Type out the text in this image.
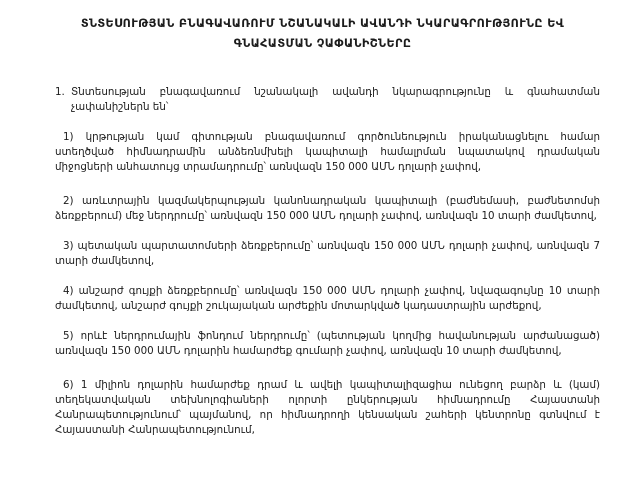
ՏՆՏԵՍՈՒԹՅԱՆ ԲՆԱԳԱՎԱՌՈՒՄ ՆՇԱՆԱԿԱԼԻ ԱՎԱՆԴԻ ՆԿԱՐԱԳՐՈՒԹՅՈՒՆԸ ԵՎ ԳՆԱՀԱՏՄԱՆ ՉԱՓԱՆԻՇՆԵՐԸ
1. Տնտեսության բնագավառում նշանակալի ավանդի նկարագրությունը և գնահատման չափանիշներն են՝

1) կրթության կամ գիտության բնագավառում գործունեություն իրականացնելու համար ստեղծված հիմնադրամին անձեռնմխելի կապիտալի համալրման նպատակով դրամական միջոցների անհատույց տրամադրումը՝ առնվազն 150 000 ԱՄՆ դոլարի չափով,

2) առևտրային կազմակերպության կանոնադրական կապիտալի (բաժնեմասի, բաժնետոմսի ձեռքբերում) մեջ ներդրումը՝ առնվազն 150 000 ԱՄՆ դոլարի չափով, առնվազն 10 տարի ժամկետով,

3) պետական պարտատոմսերի ձեռքբերումը՝ առնվազն 150 000 ԱՄՆ դոլարի չափով, առնվազն 7 տարի ժամկետով,

4) անշարժ գույքի ձեռքբերումը՝ առնվազն 150 000 ԱՄՆ դոլարի չափով, նվազագույնը 10 տարի ժամկետով, անշարժ գույքի շուկայական արժեքին մոտարկված կադաստրային արժեքով,

5) որևէ ներդրումային ֆոնդում ներդրումը՝ (պետության կողմից հավանության արժանացած) առնվազն 150 000 ԱՄՆ դոլարին համարժեք գումարի չափով, առնվազն 10 տարի ժամկետով,

6) 1 միլիոն դոլարին համարժեք դրամ և ավելի կապիտալիզացիա ունեցող բարձր և (կամ) տեղեկատվական տեխնոլոգիաների ոլորտի ընկերության հիմնադրումը Հայաստանի Հանրապետությունում՝ պայմանով, որ հիմնադրողի կենսական շահերի կենտրոնը գտնվում է Հայաստանի Հանրապետությունում,
